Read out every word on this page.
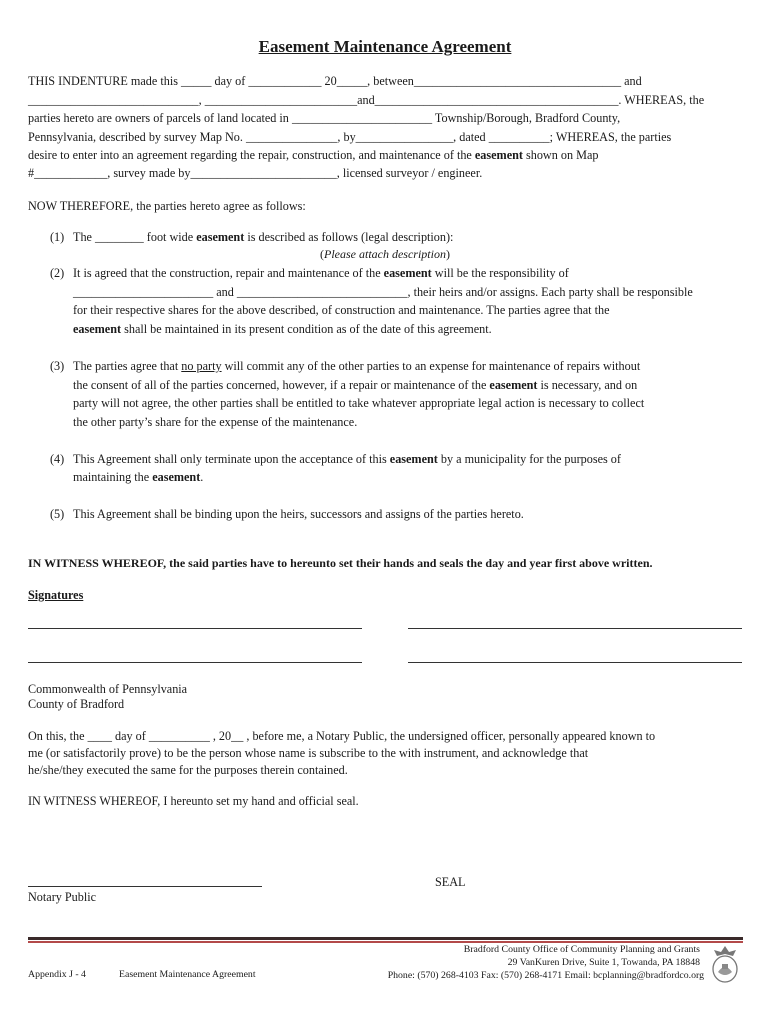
Easement Maintenance Agreement
THIS INDENTURE made this _____ day of ____________ 20_____, between__________________________________ and
____________________________, _________________________and________________________________________. WHEREAS, the
parties hereto are owners of parcels of land located in _______________________ Township/Borough, Bradford County,
Pennsylvania, described by survey Map No. _______________, by________________, dated __________; WHEREAS, the parties
desire to enter into an agreement regarding the repair, construction, and maintenance of the easement shown on Map
#____________, survey made by________________________, licensed surveyor / engineer.
NOW THEREFORE, the parties hereto agree as follows:
(1) The ________ foot wide easement is described as follows (legal description):
(Please attach description)
(2) It is agreed that the construction, repair and maintenance of the easement will be the responsibility of
_______________________ and ____________________________, their heirs and/or assigns. Each party shall be responsible
for their respective shares for the above described, of construction and maintenance. The parties agree that the
easement shall be maintained in its present condition as of the date of this agreement.
(3) The parties agree that no party will commit any of the other parties to an expense for maintenance of repairs without
the consent of all of the parties concerned, however, if a repair or maintenance of the easement is necessary, and on
party will not agree, the other parties shall be entitled to take whatever appropriate legal action is necessary to collect
the other party’s share for the expense of the maintenance.
(4) This Agreement shall only terminate upon the acceptance of this easement by a municipality for the purposes of
maintaining the easement.
(5) This Agreement shall be binding upon the heirs, successors and assigns of the parties hereto.
IN WITNESS WHEREOF, the said parties have to hereunto set their hands and seals the day and year first above written.
Signatures
Commonwealth of Pennsylvania
County of Bradford
On this, the ____ day of __________ , 20__ , before me, a Notary Public, the undersigned officer, personally appeared known to
me (or satisfactorily prove) to be the person whose name is subscribe to the with instrument, and acknowledge that
he/she/they executed the same for the purposes therein contained.
IN WITNESS WHEREOF, I hereunto set my hand and official seal.
SEAL
Notary Public
Appendix J - 4	Easement Maintenance Agreement
Bradford County Office of Community Planning and Grants
29 VanKuren Drive, Suite 1, Towanda, PA 18848
Phone: (570) 268-4103 Fax: (570) 268-4171 Email: bcplanning@bradfordco.org
